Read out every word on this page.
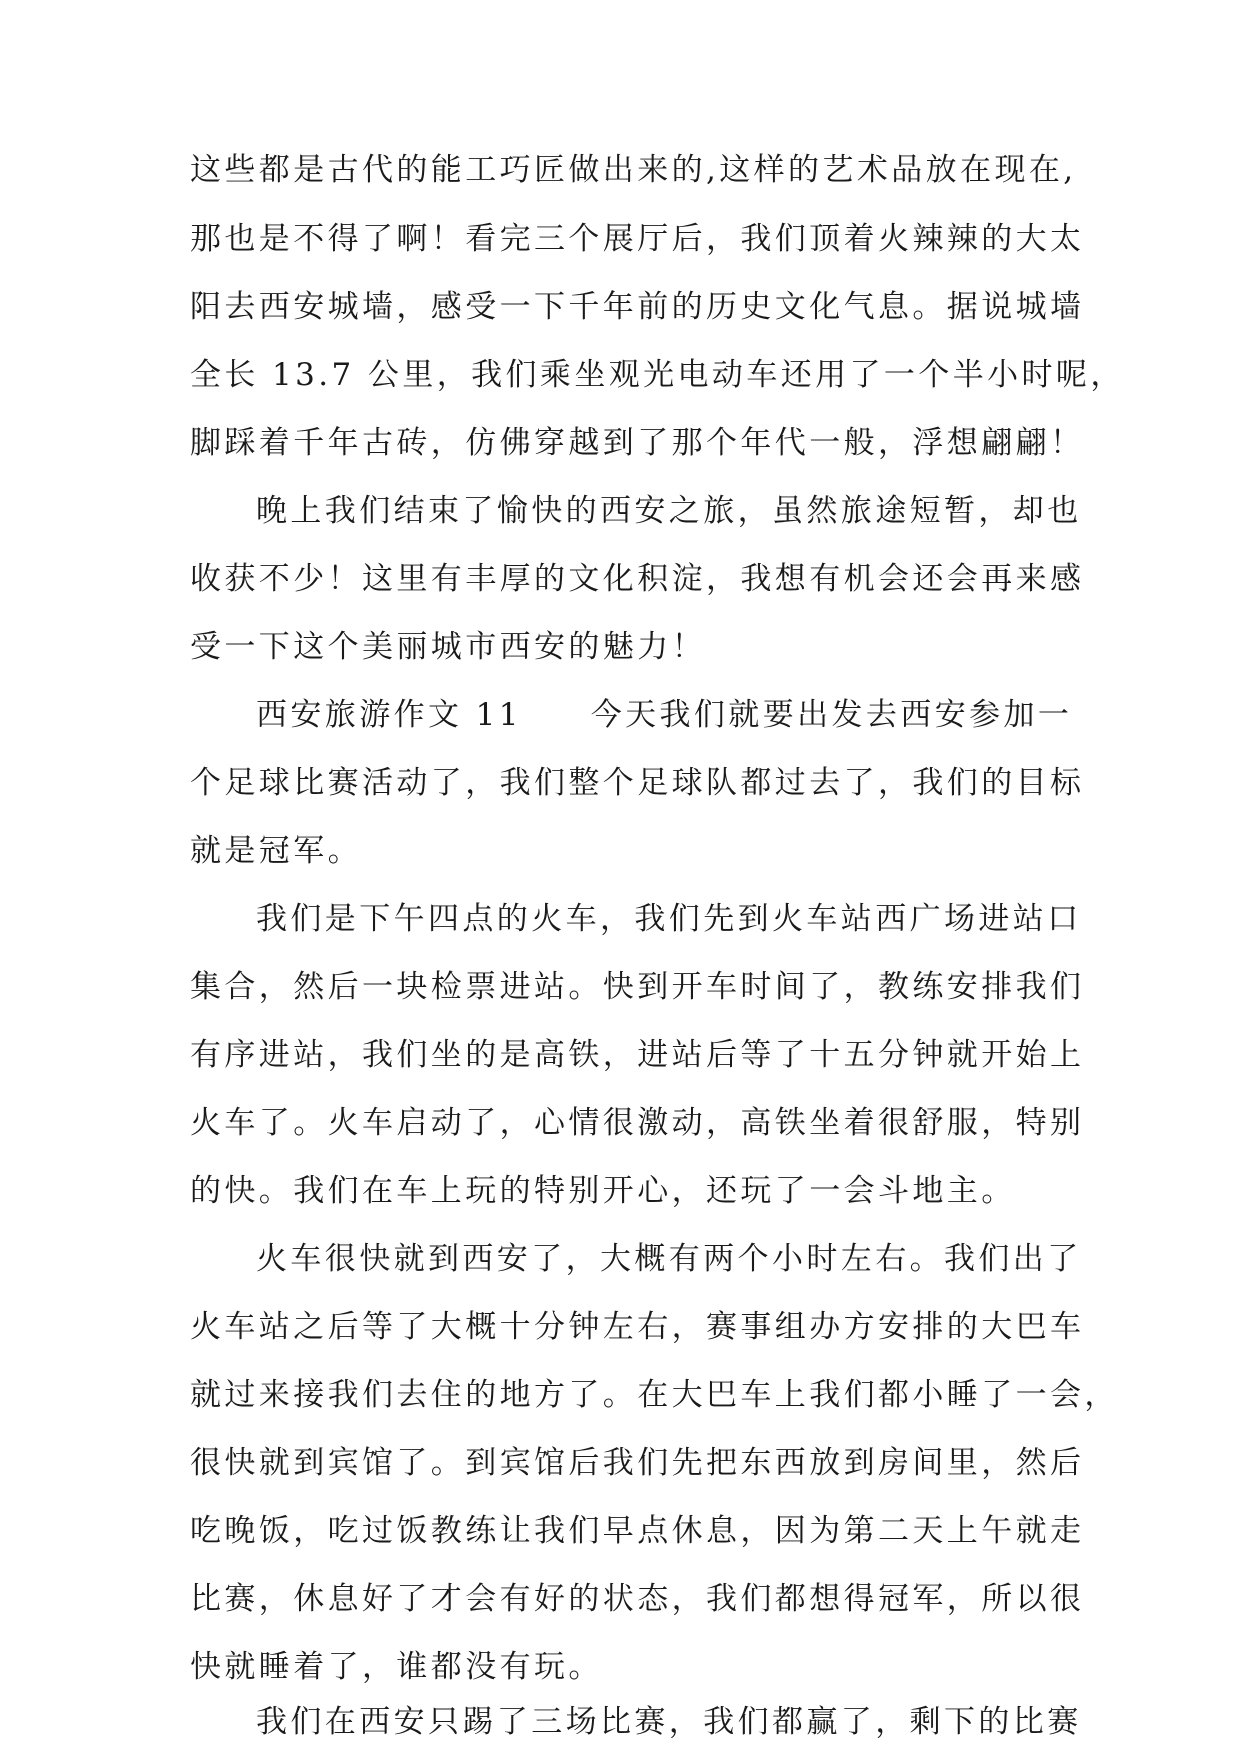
这些都是古代的能工巧匠做出来的,这样的艺术品放在现在,

那也是不得了啊！看完三个展厅后，我们顶着火辣辣的大太

阳去西安城墙，感受一下千年前的历史文化气息。据说城墙

全长 13.7 公里，我们乘坐观光电动车还用了一个半小时呢，

脚踩着千年古砖，仿佛穿越到了那个年代一般，浮想翩翩！

晚上我们结束了愉快的西安之旅，虽然旅途短暂，却也

收获不少！这里有丰厚的文化积淀，我想有机会还会再来感

受一下这个美丽城市西安的魅力！

西安旅游作文 11　　今天我们就要出发去西安参加一

个足球比赛活动了，我们整个足球队都过去了，我们的目标

就是冠军。

我们是下午四点的火车，我们先到火车站西广场进站口

集合，然后一块检票进站。快到开车时间了，教练安排我们

有序进站，我们坐的是高铁，进站后等了十五分钟就开始上

火车了。火车启动了，心情很激动，高铁坐着很舒服，特别

的快。我们在车上玩的特别开心，还玩了一会斗地主。

火车很快就到西安了，大概有两个小时左右。我们出了

火车站之后等了大概十分钟左右，赛事组办方安排的大巴车

就过来接我们去住的地方了。在大巴车上我们都小睡了一会，

很快就到宾馆了。到宾馆后我们先把东西放到房间里，然后

吃晚饭，吃过饭教练让我们早点休息，因为第二天上午就走

比赛，休息好了才会有好的状态，我们都想得冠军，所以很

快就睡着了，谁都没有玩。

我们在西安只踢了三场比赛，我们都赢了，剩下的比赛
